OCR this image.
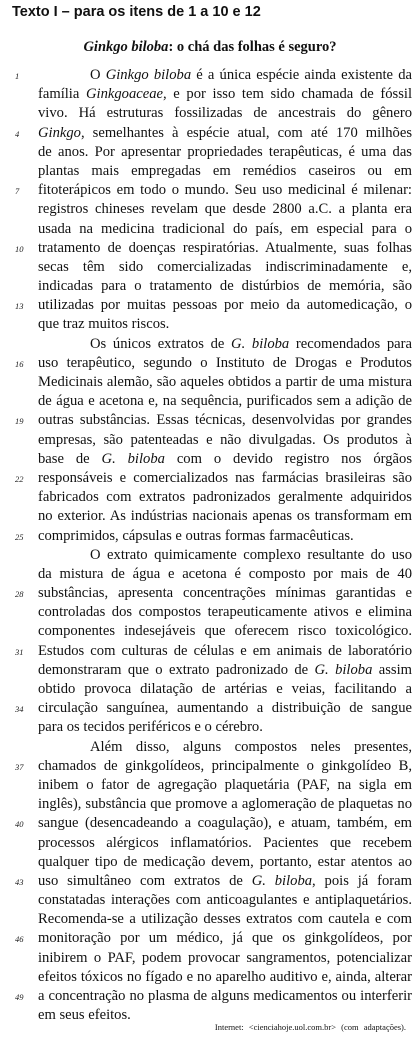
Texto I – para os itens de 1 a 10 e 12
Ginkgo biloba: o chá das folhas é seguro?
1	O Ginkgo biloba é a única espécie ainda existente da
família Ginkgoaceae, e por isso tem sido chamada de fóssil
vivo. Há estruturas fossilizadas de ancestrais do gênero
4	Ginkgo, semelhantes à espécie atual, com até 170 milhões
de anos. Por apresentar propriedades terapêuticas, é uma das
plantas mais empregadas em remédios caseiros ou em
7	fitoterápicos em todo o mundo. Seu uso medicinal é milenar:
registros chineses revelam que desde 2800 a.C. a planta era
usada na medicina tradicional do país, em especial para o
10 tratamento de doenças respiratórias. Atualmente, suas folhas
secas têm sido comercializadas indiscriminadamente e,
indicadas para o tratamento de distúrbios de memória, são
13 utilizadas por muitas pessoas por meio da automedicação, o
que traz muitos riscos.
Os únicos extratos de G. biloba recomendados para
16 uso terapêutico, segundo o Instituto de Drogas e Produtos
Medicinais alemão, são aqueles obtidos a partir de uma mistura
de água e acetona e, na sequência, purificados sem a adição de
19 outras substâncias. Essas técnicas, desenvolvidas por grandes
empresas, são patenteadas e não divulgadas. Os produtos à
base de G. biloba com o devido registro nos órgãos
22 responsáveis e comercializados nas farmácias brasileiras são
fabricados com extratos padronizados geralmente adquiridos
no exterior. As indústrias nacionais apenas os transformam em
25 comprimidos, cápsulas e outras formas farmacêuticas.
O extrato quimicamente complexo resultante do uso
da mistura de água e acetona é composto por mais de 40
28 substâncias, apresenta concentrações mínimas garantidas e
controladas dos compostos terapeuticamente ativos e elimina
componentes indesejáveis que oferecem risco toxicológico.
31 Estudos com culturas de células e em animais de laboratório
demonstraram que o extrato padronizado de G. biloba assim
obtido provoca dilatação de artérias e veias, facilitando a
34 circulação sanguínea, aumentando a distribuição de sangue
para os tecidos periféricos e o cérebro.
Além disso, alguns compostos neles presentes,
37 chamados de ginkgolídeos, principalmente o ginkgolídeo B,
inibem o fator de agregação plaquetária (PAF, na sigla em
inglês), substância que promove a aglomeração de plaquetas no
40 sangue (desencadeando a coagulação), e atuam, também, em
processos alérgicos inflamatórios. Pacientes que recebem
qualquer tipo de medicação devem, portanto, estar atentos ao
43 uso simultâneo com extratos de G. biloba, pois já foram
constatadas interações com anticoagulantes e antiplaquetários.
Recomenda-se a utilização desses extratos com cautela e com
46 monitoração por um médico, já que os ginkgolídeos, por
inibirem o PAF, podem provocar sangramentos, potencializar
efeitos tóxicos no fígado e no aparelho auditivo e, ainda, alterar
49 a concentração no plasma de alguns medicamentos ou interferir
em seus efeitos.
Internet: <cienciahoje.uol.com.br> (com adaptações).
